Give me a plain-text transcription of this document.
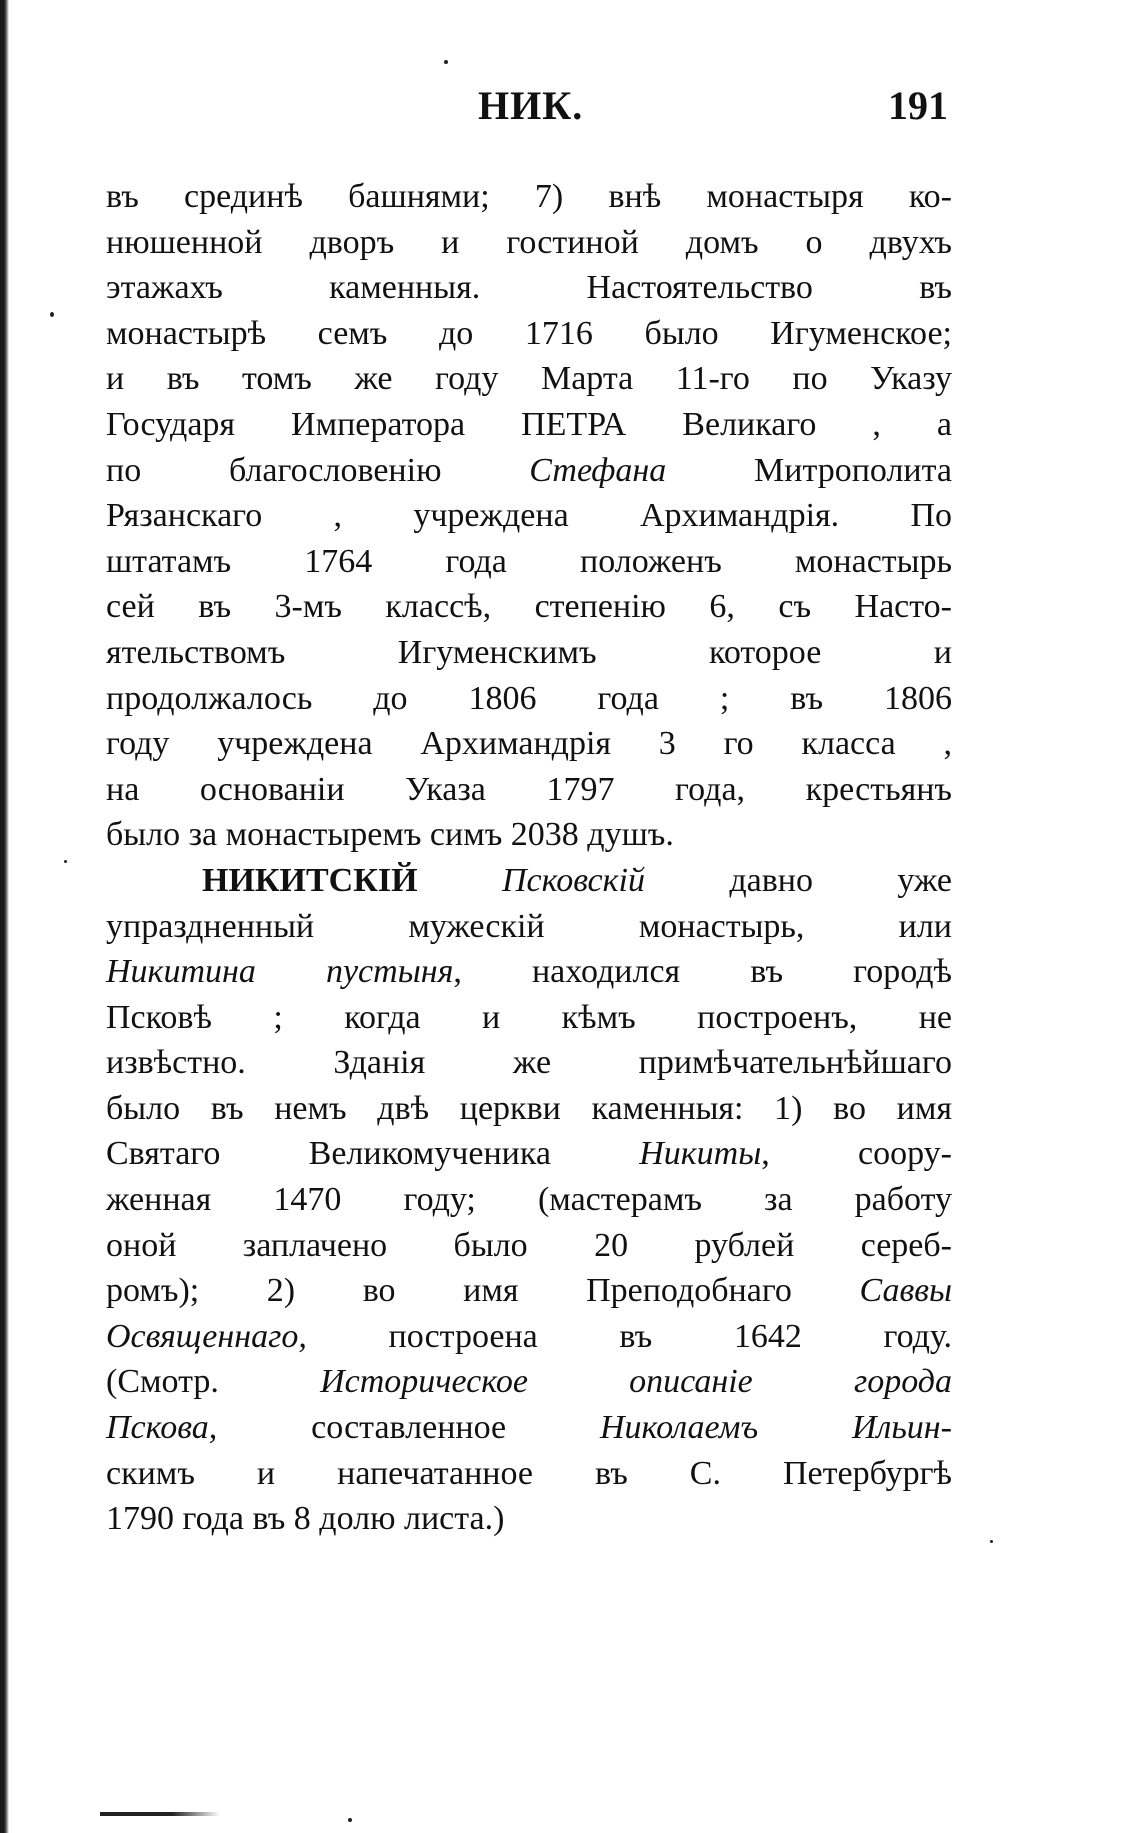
НИК.	191
въ срединѣ башнями; 7) внѣ монастыря ко-
нюшенной дворъ и гостиной домъ о двухъ
этажахъ каменныя. Настоятельство въ
монастырѣ семъ до 1716 было Игуменское;
и въ томъ же году Марта 11-го по Указу
Государя Императора ПЕТРА Великаго , а
по благословенію	Стефана	Митрополита
Рязанскаго , учреждена Архимандрія. По
штатамъ 1764 года положенъ монастырь
сей въ 3-мъ классѣ, степенію 6, съ Насто-
ятельствомъ Игуменскимъ которое и
продолжалось до 1806 года ; въ 1806
году учреждена Архимандрія 3 го класса ,
на основаніи Указа 1797 года, крестьянъ
было за монастыремъ симъ 2038 душъ.
НИКИТСКІЙ Псковскій давно уже
упраздненный мужескій монастырь, или
Никитина пустыня, находился въ городѣ
Псковѣ ; когда и кѣмъ построенъ, не
извѣстно. Зданія же примѣчательнѣйшаго
было въ немъ двѣ церкви каменныя: 1) во имя
Святаго Великомученика	Никиты, соору-
женная 1470 году; (мастерамъ за работу
оной заплачено было 20 рублей сереб-
ромъ); 2) во имя Преподобнаго Саввы
Освященнаго, построена въ 1642 году.
(Смотр.	Историческое описаніе города
Пскова,	составленное	Николаемъ Ильин-
скимъ и напечатанное въ С. Петербургѣ
1790 года въ 8 долю листа.)
